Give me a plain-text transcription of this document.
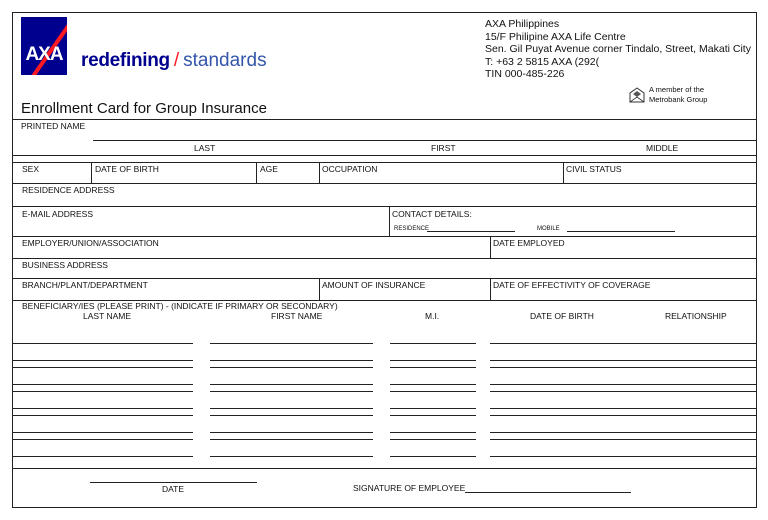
AXA redefining / standards
AXA Philippines
15/F Philipine AXA Life Centre
Sen. Gil Puyat Avenue corner Tindalo, Street, Makati City
T: +63 2 5815 AXA (292(
TIN 000-485-226
A member of the
Metrobank Group
Enrollment Card for Group Insurance
PRINTED NAME
LAST	FIRST	MIDDLE
SEX	DATE OF BIRTH	AGE	OCCUPATION	CIVIL STATUS
RESIDENCE ADDRESS
E-MAIL ADDRESS	CONTACT DETAILS:
RESIDENCE	MOBILE
EMPLOYER/UNION/ASSOCIATION	DATE EMPLOYED
BUSINESS ADDRESS
BRANCH/PLANT/DEPARTMENT	AMOUNT OF INSURANCE	DATE OF EFFECTIVITY OF COVERAGE
BENEFICIARY/IES (PLEASE PRINT) - (INDICATE IF PRIMARY OR SECONDARY)
LAST NAME	FIRST NAME	M.I.	DATE OF BIRTH	RELATIONSHIP
DATE	SIGNATURE OF EMPLOYEE
